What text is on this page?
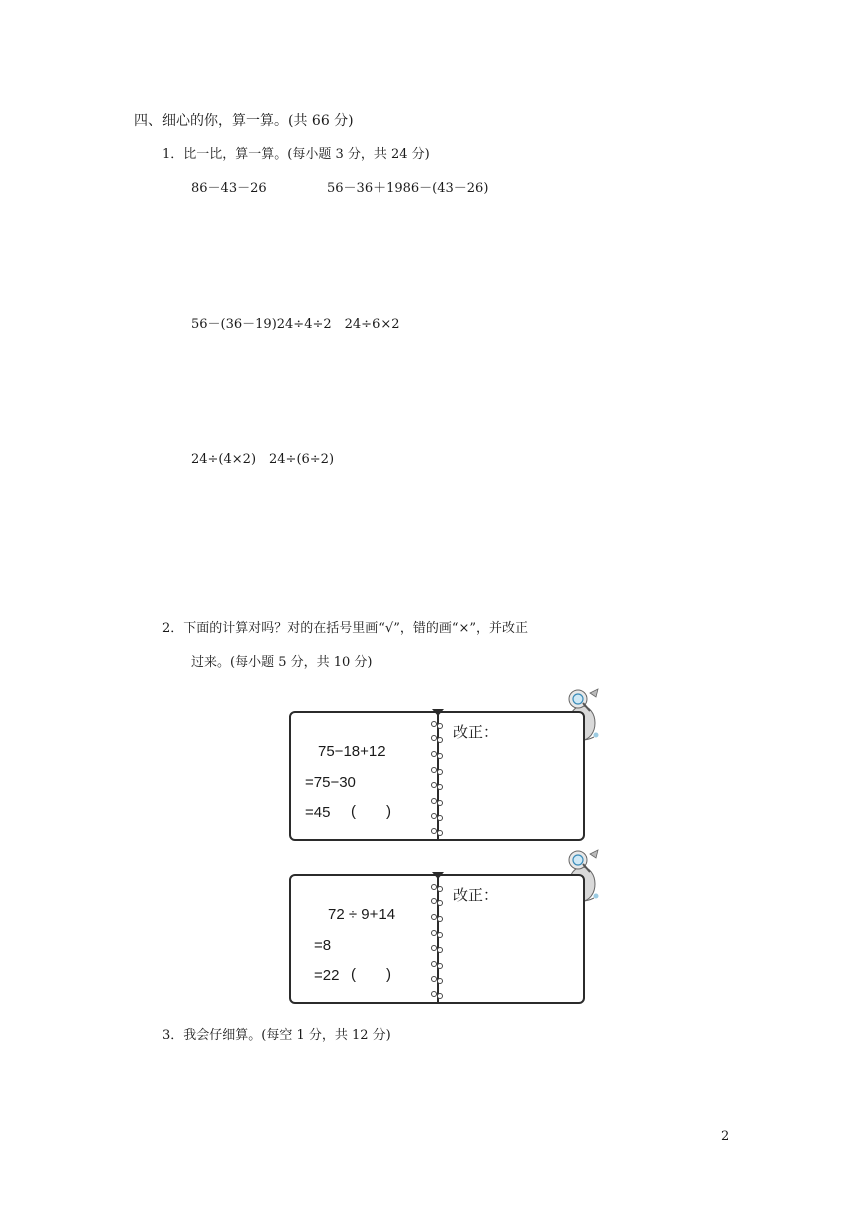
四、细心的你，算一算。(共 66 分)
1．比一比，算一算。(每小题 3 分，共 24 分)
86－43－26	56－36＋1986－(43－26)
56－(36－19)24÷4÷2　24÷6×2
24÷(4×2)　24÷(6÷2)
2．下面的计算对吗？对的在括号里画“√”，错的画“×”，并改正
过来。(每小题 5 分，共 10 分)
75−18+12
=75−30
=45 (　　)
改正：
72 ÷ 9+14
=8
=22 (　　)
改正：
3．我会仔细算。(每空 1 分，共 12 分)
2
